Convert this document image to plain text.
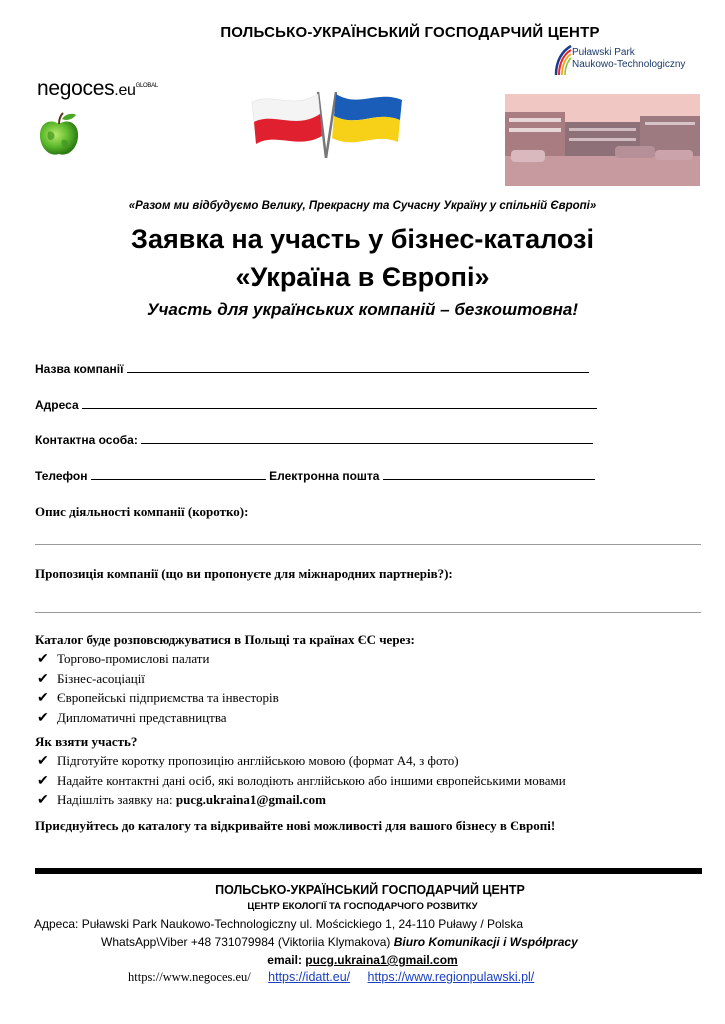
ПОЛЬСЬКО-УКРАЇНСЬКИЙ ГОСПОДАРЧИЙ ЦЕНТР
$negoces.eu^{GLOBAL}$
Puławski Park
Naukowo-Technologiczny
«Разом ми відбудуємо Велику, Прекрасну та Сучасну Україну у спільній Європі»
Заявка на участь у бізнес-каталозі
«Україна в Європі»
Участь для українських компаній – безкоштовна!
Назва компанії
Адреса
Контактна особа:
Телефон	Електронна пошта
Опис діяльності компанії (коротко):
Пропозиція компанії (що ви пропонуєте для міжнародних партнерів?):
Каталог буде розповсюджуватися в Польщі та країнах ЄС через:
✔ Торгово-промислові палати
✔ Бізнес-асоціації
✔ Європейські підприємства та інвесторів
✔ Дипломатичні представництва
Як взяти участь?
✔ Підготуйте коротку пропозицію англійською мовою (формат А4, з фото)
✔ Надайте контактні дані осіб, які володіють англійською або іншими європейськими мовами
✔ Надішліть заявку на: pucg.ukraina1@gmail.com
Приєднуйтесь до каталогу та відкривайте нові можливості для вашого бізнесу в Європі!
ПОЛЬСЬКО-УКРАЇНСЬКИЙ ГОСПОДАРЧИЙ ЦЕНТР
ЦЕНТР ЕКОЛОГІЇ ТА ГОСПОДАРЧОГО РОЗВИТКУ
Адреса: Puławski Park Naukowo-Technologiczny ul. Mościckiego 1, 24-110 Puławy / Polska
WhatsApp\Viber +48 731079984 (Viktoriia Klymakova) Biuro Komunikacji i Współpracy
email: pucg.ukraina1@gmail.com
https://www.negoces.eu/ https://idatt.eu/ https://www.regionpulawski.pl/
